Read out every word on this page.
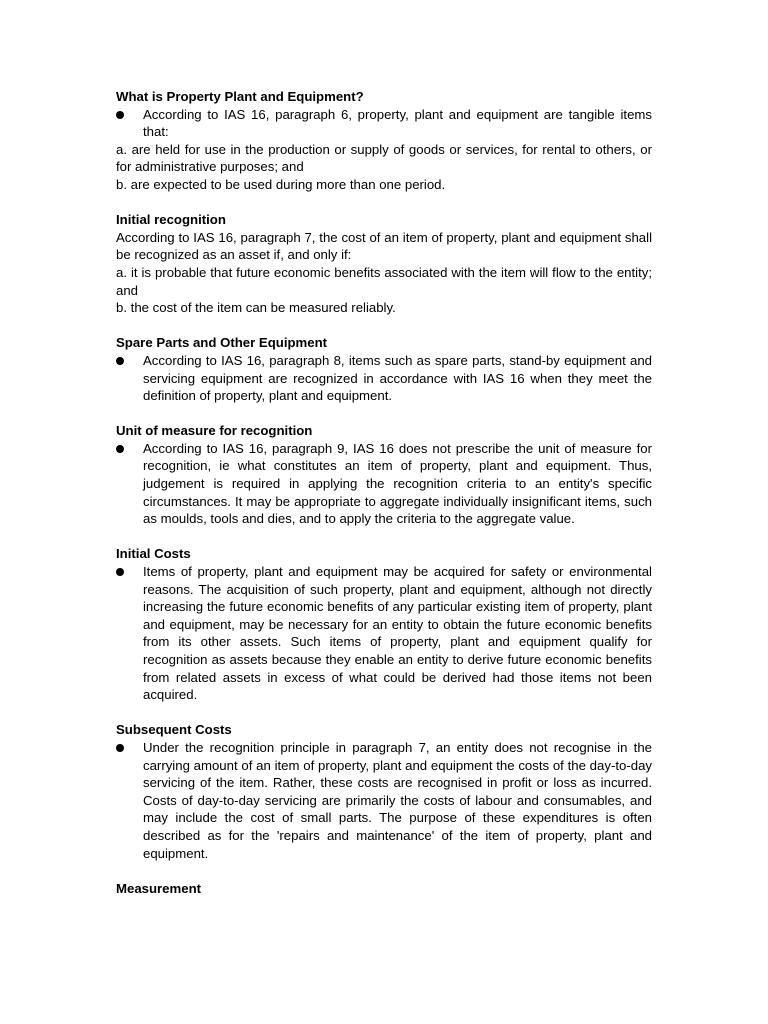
What is Property Plant and Equipment?

According to IAS 16, paragraph 6, property, plant and equipment are tangible items that:

a. are held for use in the production or supply of goods or services, for rental to others, or for administrative purposes; and

b. are expected to be used during more than one period.

Initial recognition

According to IAS 16, paragraph 7, the cost of an item of property, plant and equipment shall be recognized as an asset if, and only if:

a. it is probable that future economic benefits associated with the item will flow to the entity; and

b. the cost of the item can be measured reliably.

Spare Parts and Other Equipment

According to IAS 16, paragraph 8, items such as spare parts, stand-by equipment and servicing equipment are recognized in accordance with IAS 16 when they meet the definition of property, plant and equipment.

Unit of measure for recognition

According to IAS 16, paragraph 9, IAS 16 does not prescribe the unit of measure for recognition, ie what constitutes an item of property, plant and equipment. Thus, judgement is required in applying the recognition criteria to an entity's specific circumstances. It may be appropriate to aggregate individually insignificant items, such as moulds, tools and dies, and to apply the criteria to the aggregate value.

Initial Costs

Items of property, plant and equipment may be acquired for safety or environmental reasons. The acquisition of such property, plant and equipment, although not directly increasing the future economic benefits of any particular existing item of property, plant and equipment, may be necessary for an entity to obtain the future economic benefits from its other assets. Such items of property, plant and equipment qualify for recognition as assets because they enable an entity to derive future economic benefits from related assets in excess of what could be derived had those items not been acquired.

Subsequent Costs

Under the recognition principle in paragraph 7, an entity does not recognise in the carrying amount of an item of property, plant and equipment the costs of the day-to-day servicing of the item. Rather, these costs are recognised in profit or loss as incurred. Costs of day-to-day servicing are primarily the costs of labour and consumables, and may include the cost of small parts. The purpose of these expenditures is often described as for the 'repairs and maintenance' of the item of property, plant and equipment.

Measurement
